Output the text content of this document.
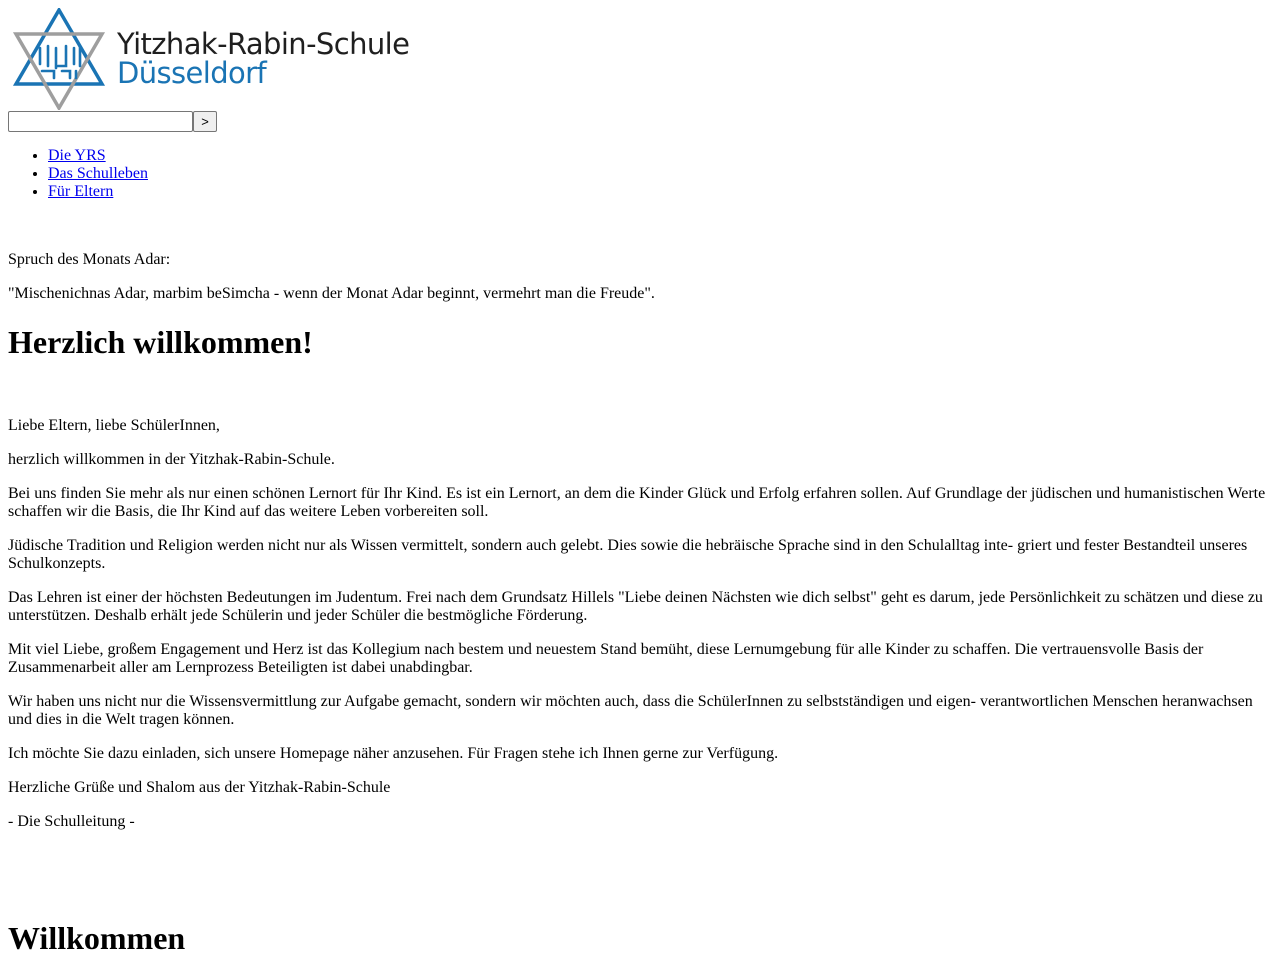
Yitzhak-Rabin-Schule
Düsseldorf
>
• Die YRS
• Das Schulleben
• Für Eltern

Spruch des Monats Adar:

"Mischenichnas Adar, marbim beSimcha - wenn der Monat Adar beginnt, vermehrt man die Freude".

Herzlich willkommen!

Liebe Eltern, liebe SchülerInnen,

herzlich willkommen in der Yitzhak-Rabin-Schule.

Bei uns finden Sie mehr als nur einen schönen Lernort für Ihr Kind. Es ist ein Lernort, an dem die Kinder Glück und Erfolg erfahren sollen. Auf Grundlage der jüdischen und humanistischen Werte schaffen wir die Basis, die Ihr Kind auf das weitere Leben vorbereiten soll.

Jüdische Tradition und Religion werden nicht nur als Wissen vermittelt, sondern auch gelebt. Dies sowie die hebräische Sprache sind in den Schulalltag inte- griert und fester Bestandteil unseres Schulkonzepts.

Das Lehren ist einer der höchsten Bedeutungen im Judentum. Frei nach dem Grundsatz Hillels "Liebe deinen Nächsten wie dich selbst" geht es darum, jede Persönlichkeit zu schätzen und diese zu unterstützen. Deshalb erhält jede Schülerin und jeder Schüler die bestmögliche Förderung.

Mit viel Liebe, großem Engagement und Herz ist das Kollegium nach bestem und neuestem Stand bemüht, diese Lernumgebung für alle Kinder zu schaffen. Die vertrauensvolle Basis der Zusammenarbeit aller am Lernprozess Beteiligten ist dabei unabdingbar.

Wir haben uns nicht nur die Wissensvermittlung zur Aufgabe gemacht, sondern wir möchten auch, dass die SchülerInnen zu selbstständigen und eigen- verantwortlichen Menschen heranwachsen und dies in die Welt tragen können.

Ich möchte Sie dazu einladen, sich unsere Homepage näher anzusehen. Für Fragen stehe ich Ihnen gerne zur Verfügung.

Herzliche Grüße und Shalom aus der Yitzhak-Rabin-Schule

- Die Schulleitung -

Willkommen
